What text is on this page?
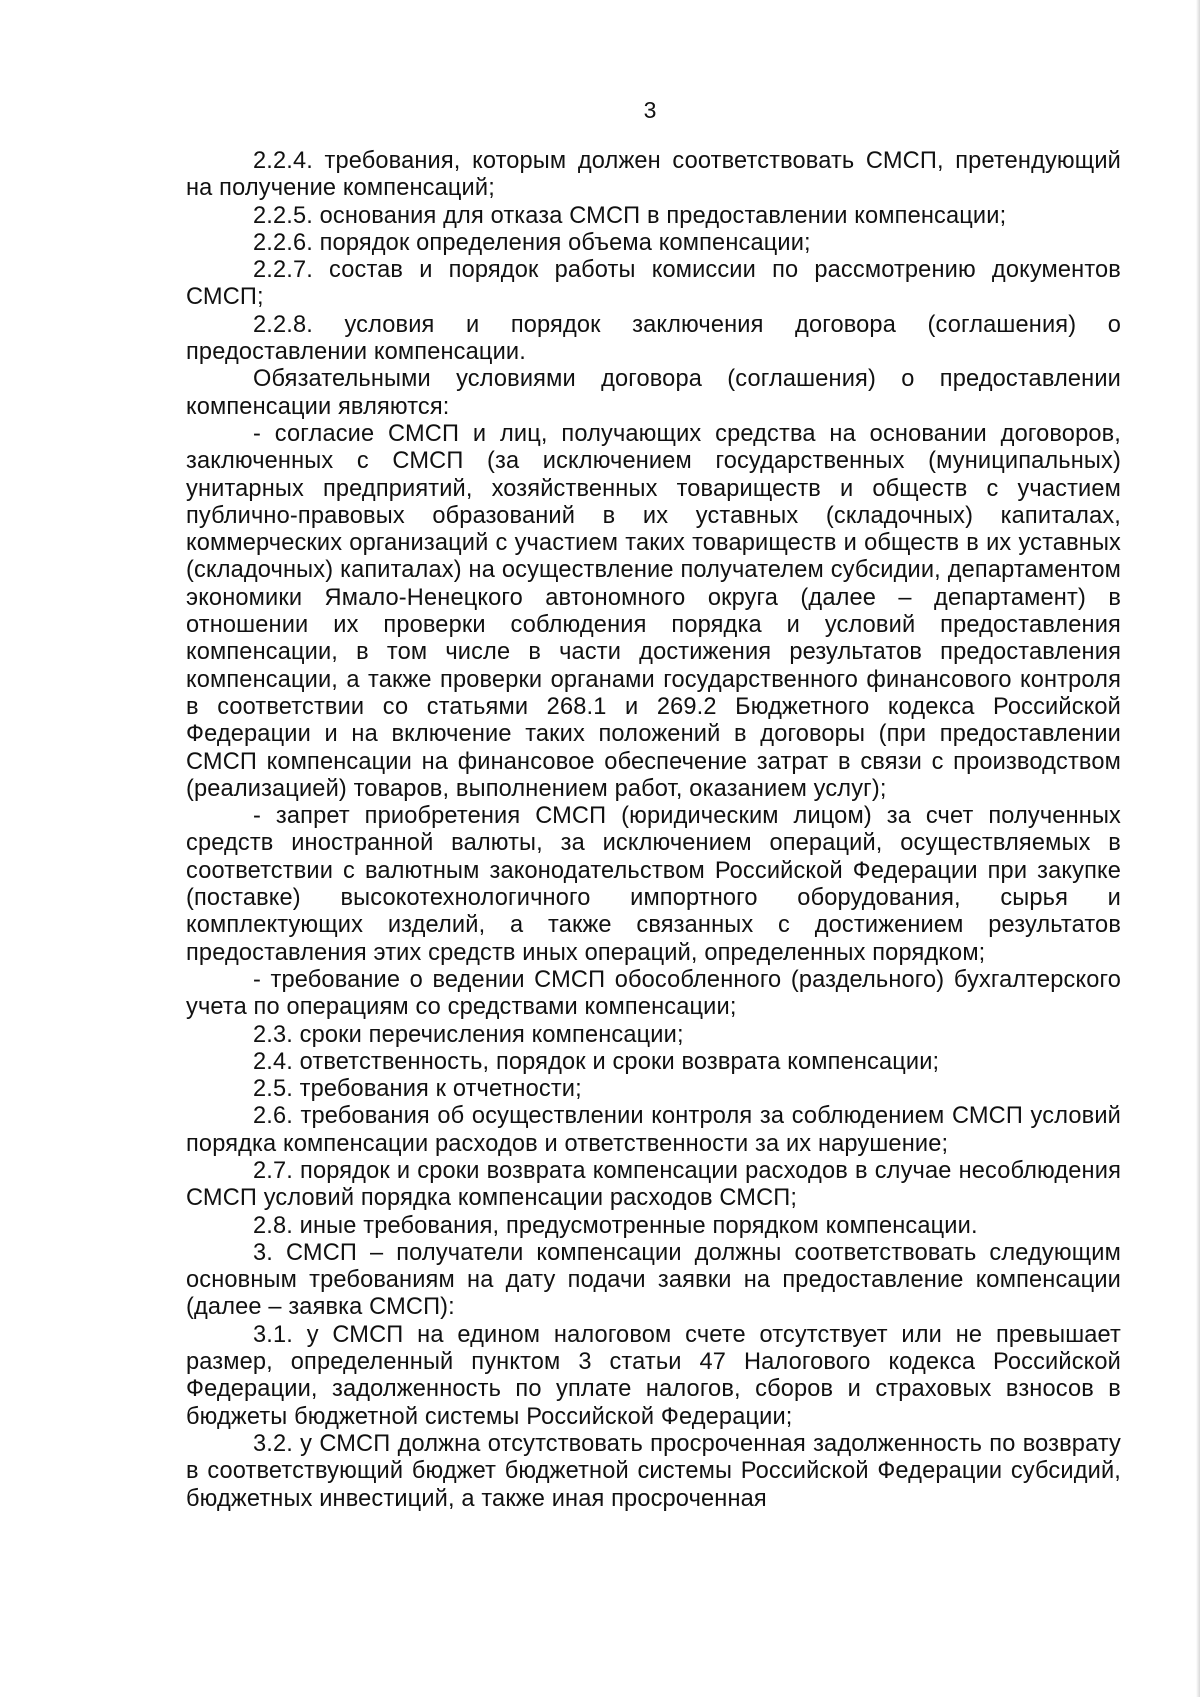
3

2.2.4. требования, которым должен соответствовать СМСП, претендующий на получение компенсаций;

2.2.5. основания для отказа СМСП в предоставлении компенсации;

2.2.6. порядок определения объема компенсации;

2.2.7. состав и порядок работы комиссии по рассмотрению документов СМСП;

2.2.8. условия и порядок заключения договора (соглашения) о предоставлении компенсации.

Обязательными условиями договора (соглашения) о предоставлении компенсации являются:

- согласие СМСП и лиц, получающих средства на основании договоров, заключенных с СМСП (за исключением государственных (муниципальных) унитарных предприятий, хозяйственных товариществ и обществ с участием публично-правовых образований в их уставных (складочных) капиталах, коммерческих организаций с участием таких товариществ и обществ в их уставных (складочных) капиталах) на осуществление получателем субсидии, департаментом экономики Ямало-Ненецкого автономного округа (далее – департамент) в отношении их проверки соблюдения порядка и условий предоставления компенсации, в том числе в части достижения результатов предоставления компенсации, а также проверки органами государственного финансового контроля в соответствии со статьями 268.1 и 269.2 Бюджетного кодекса Российской Федерации и на включение таких положений в договоры (при предоставлении СМСП компенсации на финансовое обеспечение затрат в связи с производством (реализацией) товаров, выполнением работ, оказанием услуг);

- запрет приобретения СМСП (юридическим лицом) за счет полученных средств иностранной валюты, за исключением операций, осуществляемых в соответствии с валютным законодательством Российской Федерации при закупке (поставке) высокотехнологичного импортного оборудования, сырья и комплектующих изделий, а также связанных с достижением результатов предоставления этих средств иных операций, определенных порядком;

- требование о ведении СМСП обособленного (раздельного) бухгалтерского учета по операциям со средствами компенсации;

2.3. сроки перечисления компенсации;

2.4. ответственность, порядок и сроки возврата компенсации;

2.5. требования к отчетности;

2.6. требования об осуществлении контроля за соблюдением СМСП условий порядка компенсации расходов и ответственности за их нарушение;

2.7. порядок и сроки возврата компенсации расходов в случае несоблюдения СМСП условий порядка компенсации расходов СМСП;

2.8. иные требования, предусмотренные порядком компенсации.

3. СМСП – получатели компенсации должны соответствовать следующим основным требованиям на дату подачи заявки на предоставление компенсации (далее – заявка СМСП):

3.1. у СМСП на едином налоговом счете отсутствует или не превышает размер, определенный пунктом 3 статьи 47 Налогового кодекса Российской Федерации, задолженность по уплате налогов, сборов и страховых взносов в бюджеты бюджетной системы Российской Федерации;

3.2. у СМСП должна отсутствовать просроченная задолженность по возврату в соответствующий бюджет бюджетной системы Российской Федерации субсидий, бюджетных инвестиций, а также иная просроченная
